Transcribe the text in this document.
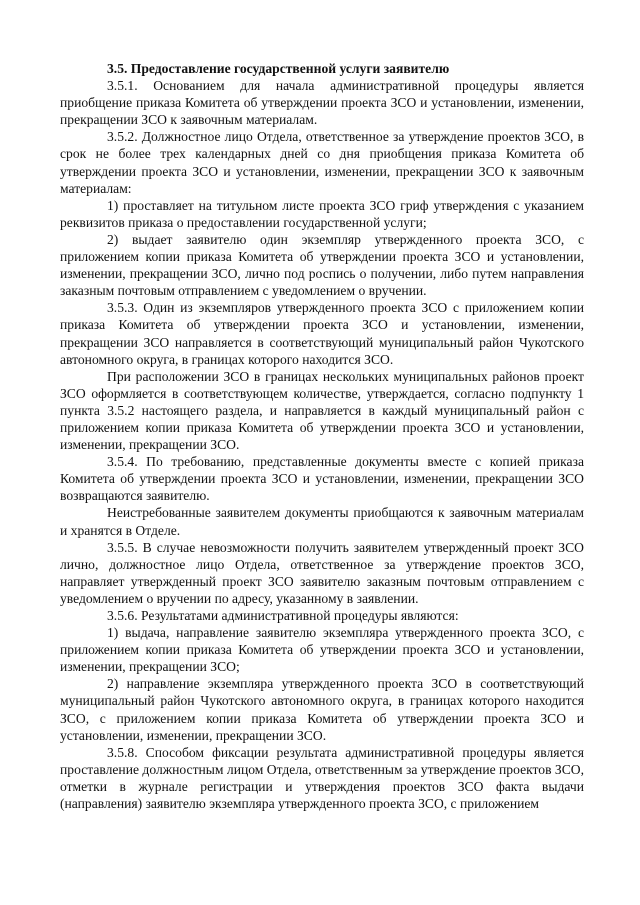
3.5. Предоставление государственной услуги заявителю

3.5.1. Основанием для начала административной процедуры является приобщение приказа Комитета об утверждении проекта ЗСО и установлении, изменении, прекращении ЗСО к заявочным материалам.

3.5.2. Должностное лицо Отдела, ответственное за утверждение проектов ЗСО, в срок не более трех календарных дней со дня приобщения приказа Комитета об утверждении проекта ЗСО и установлении, изменении, прекращении ЗСО к заявочным материалам:

1) проставляет на титульном листе проекта ЗСО гриф утверждения с указанием реквизитов приказа о предоставлении государственной услуги;

2) выдает заявителю один экземпляр утвержденного проекта ЗСО, с приложением копии приказа Комитета об утверждении проекта ЗСО и установлении, изменении, прекращении ЗСО, лично под роспись о получении, либо путем направления заказным почтовым отправлением с уведомлением о вручении.

3.5.3. Один из экземпляров утвержденного проекта ЗСО с приложением копии приказа Комитета об утверждении проекта ЗСО и установлении, изменении, прекращении ЗСО направляется в соответствующий муниципальный район Чукотского автономного округа, в границах которого находится ЗСО.

При расположении ЗСО в границах нескольких муниципальных районов проект ЗСО оформляется в соответствующем количестве, утверждается, согласно подпункту 1 пункта 3.5.2 настоящего раздела, и направляется в каждый муниципальный район с приложением копии приказа Комитета об утверждении проекта ЗСО и установлении, изменении, прекращении ЗСО.

3.5.4. По требованию, представленные документы вместе с копией приказа Комитета об утверждении проекта ЗСО и установлении, изменении, прекращении ЗСО возвращаются заявителю.

Неистребованные заявителем документы приобщаются к заявочным материалам и хранятся в Отделе.

3.5.5. В случае невозможности получить заявителем утвержденный проект ЗСО лично, должностное лицо Отдела, ответственное за утверждение проектов ЗСО, направляет утвержденный проект ЗСО заявителю заказным почтовым отправлением с уведомлением о вручении по адресу, указанному в заявлении.

3.5.6. Результатами административной процедуры являются:

1) выдача, направление заявителю экземпляра утвержденного проекта ЗСО, с приложением копии приказа Комитета об утверждении проекта ЗСО и установлении, изменении, прекращении ЗСО;

2) направление экземпляра утвержденного проекта ЗСО в соответствующий муниципальный район Чукотского автономного округа, в границах которого находится ЗСО, с приложением копии приказа Комитета об утверждении проекта ЗСО и установлении, изменении, прекращении ЗСО.

3.5.8. Способом фиксации результата административной процедуры является проставление должностным лицом Отдела, ответственным за утверждение проектов ЗСО, отметки в журнале регистрации и утверждения проектов ЗСО факта выдачи (направления) заявителю экземпляра утвержденного проекта ЗСО, с приложением
